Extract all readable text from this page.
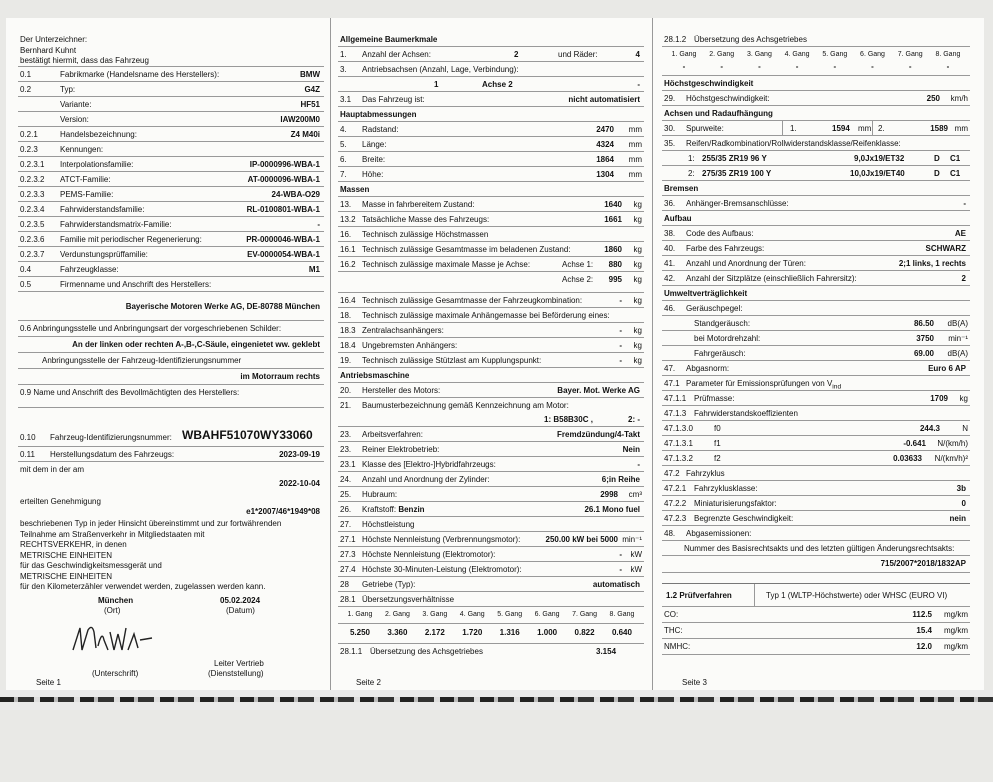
Der Unterzeichner:
Bernhard Kuhnt
bestätigt hiermit, dass das Fahrzeug
0.1	Fabrikmarke (Handelsname des Herstellers):	BMW
0.2	Typ:	G4Z
Variante:	HF51
Version:	IAW200M0
0.2.1	Handelsbezeichnung:	Z4 M40i
0.2.3	Kennungen:
0.2.3.1 Interpolationsfamilie:	IP-0000996-WBA-1
0.2.3.2 ATCT-Familie:	AT-0000096-WBA-1
0.2.3.3 PEMS-Familie:	24-WBA-O29
0.2.3.4 Fahrwiderstandsfamilie:	RL-0100801-WBA-1
0.2.3.5 Fahrwiderstandsmatrix-Familie:	-
0.2.3.6 Familie mit periodischer Regenerierung:	PR-0000046-WBA-1
0.2.3.7 Verdunstungsprüffamilie:	EV-0000054-WBA-1
0.4	Fahrzeugklasse:	M1
0.5	Firmenname und Anschrift des Herstellers:
Bayerische Motoren Werke AG, DE-80788 München
0.6 Anbringungsstelle und Anbringungsart der vorgeschriebenen Schilder:
An der linken oder rechten A-,B-,C-Säule, eingenietet ww. geklebt
Anbringungsstelle der Fahrzeug-Identifizierungsnummer
im Motorraum rechts
0.9 Name und Anschrift des Bevollmächtigten des Herstellers:
0.10 Fahrzeug-Identifizierungsnummer: WBAHF51070WY33060
0.11 Herstellungsdatum des Fahrzeugs:	2023-09-19
mit dem in der am
2022-10-04
erteilten Genehmigung
e1*2007/46*1949*08
beschriebenen Typ in jeder Hinsicht übereinstimmt und zur fortwährenden
Teilnahme am Straßenverkehr in Mitgliedstaaten mit
RECHTSVERKEHR, in denen
METRISCHE EINHEITEN
für das Geschwindigkeitsmessgerät und
METRISCHE EINHEITEN
für den Kilometerzähler verwendet werden, zugelassen werden kann.
München
(Ort)
05.02.2024
(Datum)
(Unterschrift)
Leiter Vertrieb
(Dienststellung)
Seite 1
Allgemeine Baumerkmale
1. Anzahl der Achsen:	2	und Räder:	4
3. Antriebsachsen (Anzahl, Lage, Verbindung):
1	Achse 2	-
3.1 Das Fahrzeug ist:	nicht automatisiert
Hauptabmessungen
4. Radstand:	2470 mm
5. Länge:	4324 mm
6. Breite:	1864 mm
7. Höhe:	1304 mm
Massen
13. Masse in fahrbereitem Zustand:	1640 kg
13.2 Tatsächliche Masse des Fahrzeugs:	1661 kg
16. Technisch zulässige Höchstmassen
16.1 Technisch zulässige Gesamtmasse im beladenen Zustand:	1860 kg
16.2 Technisch zulässige maximale Masse je Achse:	Achse 1: 880 kg
Achse 2: 995 kg
16.4 Technisch zulässige Gesamtmasse der Fahrzeugkombination:	- kg
18. Technisch zulässige maximale Anhängemasse bei Beförderung eines:
18.3 Zentralachsanhängers:	- kg
18.4 Ungebremsten Anhängers:	- kg
19. Technisch zulässige Stützlast am Kupplungspunkt:	- kg
Antriebsmaschine
20. Hersteller des Motors:	Bayer. Mot. Werke AG
21. Baumusterbezeichnung gemäß Kennzeichnung am Motor:
1: B58B30C ,	2: -
23. Arbeitsverfahren:	Fremdzündung/4-Takt
23. Reiner Elektrobetrieb:	Nein
23.1 Klasse des [Elektro-]Hybridfahrzeugs:	-
24. Anzahl und Anordnung der Zylinder:	6;in Reihe
25. Hubraum:	2998 cm³
26. Kraftstoff: Benzin	26.1 Mono fuel
27. Höchstleistung
27.1 Höchste Nennleistung (Verbrennungsmotor):	250.00 kW bei 5000 min⁻¹
27.3 Höchste Nennleistung (Elektromotor):	- kW
27.4 Höchste 30-Minuten-Leistung (Elektromotor):	- kW
28 Getriebe (Typ):	automatisch
28.1 Übersetzungsverhältnisse
1. Gang	2. Gang	3. Gang	4. Gang	5. Gang	6. Gang	7. Gang	8. Gang
5.250	3.360	2.172	1.720	1.316	1.000	0.822	0.640
28.1.1 Übersetzung des Achsgetriebes	3.154
Seite 2
28.1.2 Übersetzung des Achsgetriebes
1. Gang	2. Gang	3. Gang	4. Gang	5. Gang	6. Gang	7. Gang	8. Gang
-	-	-	-	-	-	-	-
Höchstgeschwindigkeit
29. Höchstgeschwindigkeit:	250 km/h
Achsen und Radaufhängung
30. Spurweite:	1.	1594 mm 2.	1589 mm
35. Reifen/Radkombination/Rollwiderstandsklasse/Reifenklasse:
1: 255/35 ZR19 96 Y	9,0Jx19/ET32	D C1
2: 275/35 ZR19 100 Y	10,0Jx19/ET40	D C1
Bremsen
36. Anhänger-Bremsanschlüsse:	-
Aufbau
38. Code des Aufbaus:	AE
40. Farbe des Fahrzeugs:	SCHWARZ
41. Anzahl und Anordnung der Türen:	2;1 links, 1 rechts
42. Anzahl der Sitzplätze (einschließlich Fahrersitz):	2
Umweltverträglichkeit
46. Geräuschpegel:
Standgeräusch:	86.50 dB(A)
bei Motordrehzahl:	3750 min⁻¹
Fahrgeräusch:	69.00 dB(A)
47. Abgasnorm:	Euro 6 AP
47.1 Parameter für Emissionsprüfungen von $V_{ind}$
47.1.1 Prüfmasse:	1709 kg
47.1.3 Fahrwiderstandskoeffizienten
47.1.3.0	f0	244.3	N
47.1.3.1	f1	-0.641 N/(km/h)
47.1.3.2	f2	0.03633 N/(km/h)²
47.2 Fahrzyklus
47.2.1 Fahrzyklusklasse:	3b
47.2.2 Miniaturisierungsfaktor:	0
47.2.3 Begrenzte Geschwindigkeit:	nein
48. Abgasemissionen:
Nummer des Basisrechtsakts und des letzten gültigen Änderungsrechtsakts:
715/2007*2018/1832AP
1.2 Prüfverfahren	Typ 1 (WLTP-Höchstwerte) oder WHSC (EURO VI)
CO:	112.5 mg/km
THC:	15.4 mg/km
NMHC:	12.0 mg/km
Seite 3
